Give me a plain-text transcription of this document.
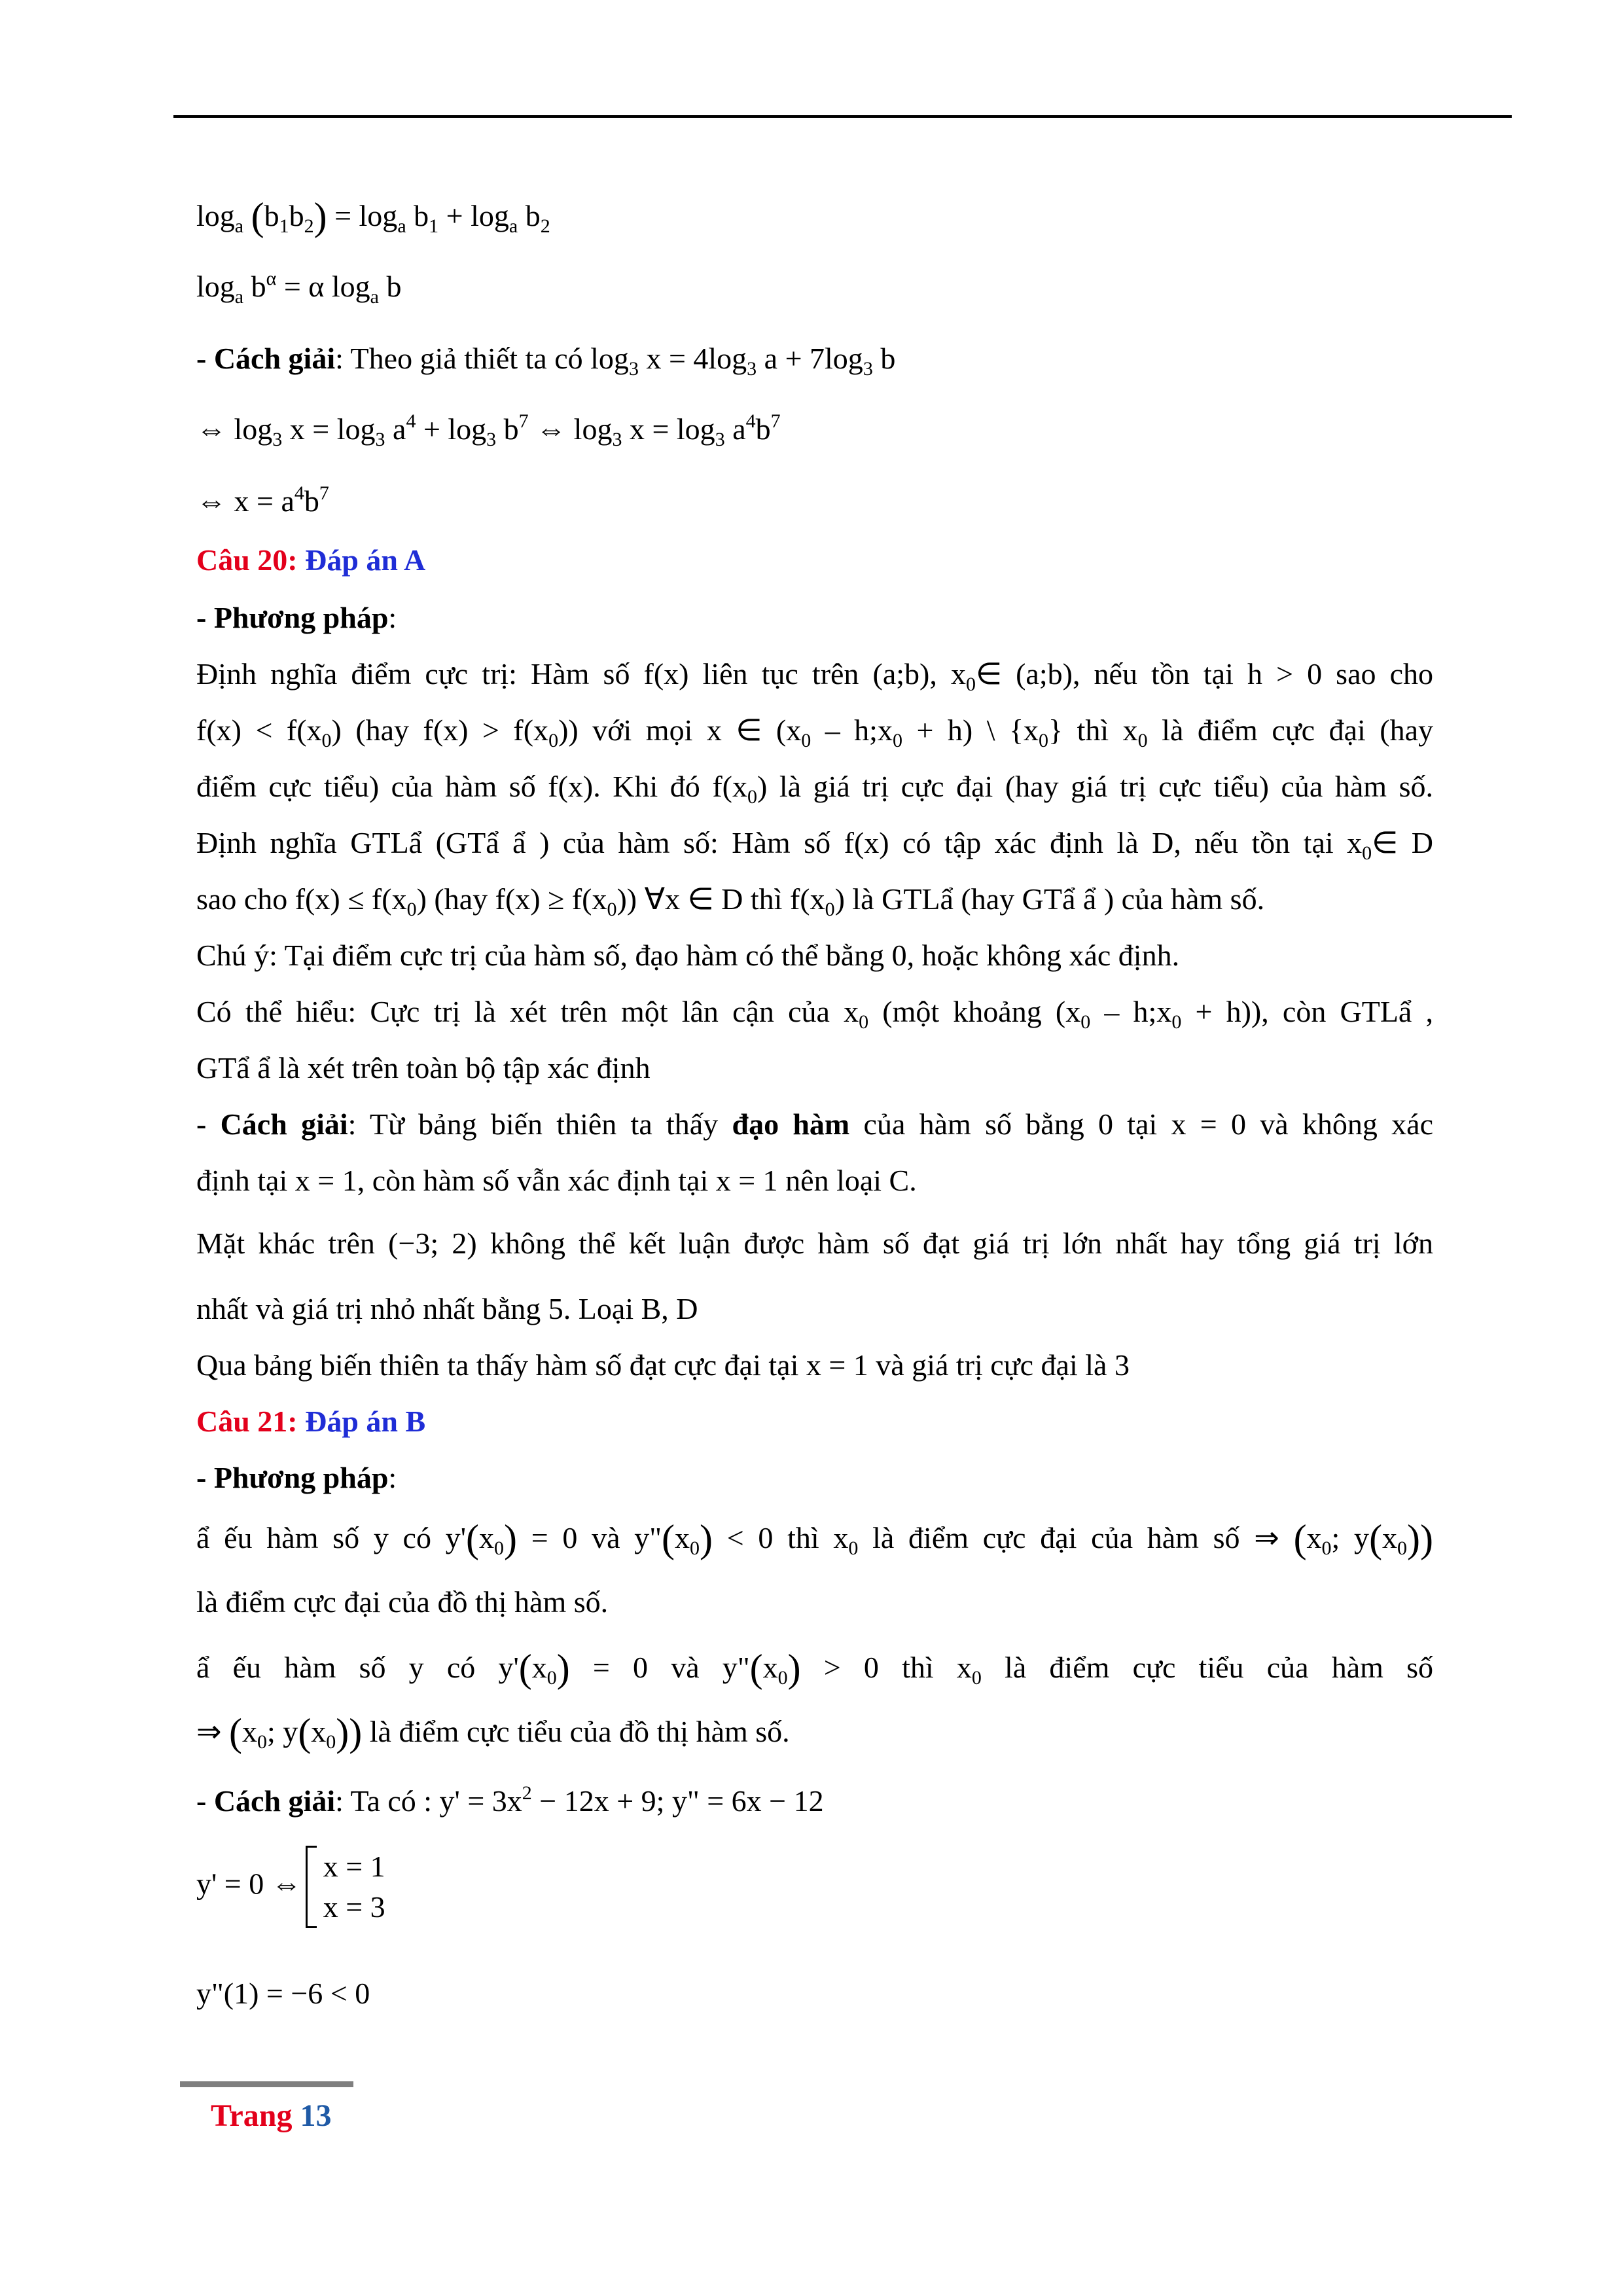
$\log_a (b_1b_2) = \log_a b_1 + \log_a b_2$
$\log_a b^\alpha = \alpha$ $\log_a b$
- Cách giải: Theo giả thiết ta có $\log_3 x = 4\log_3$ $a + 7\log_3$ b
⇔ $\log_3 x = \log_3 a^4 + \log_3 b^7$ ⇔ $\log_3 x = \log_3 a^4b^7$
⇔ $x = a^4b^7$
Câu 20: Đáp án A
- Phương pháp:
Định nghĩa điểm cực trị: Hàm số f(x) liên tục trên (a;b), $x_0\in$ (a;b), nếu tồn tại h > 0 sao cho
$f(x) < f(x_0)$ (hay $f(x) > f(x_0)$) với mọi x ∈ ($x_0$ – $h;x_0 + h$) \ $\{x_0\}$ thì $x_0$ là điểm cực đại (hay
điểm cực tiểu) của hàm số f(x). Khi đó $f(x_0)$ là giá trị cực đại (hay giá trị cực tiểu) của hàm số.
Định nghĩa GTLẩ (GTẩ ẩ ) của hàm số: Hàm số f(x) có tập xác định là D, nếu tồn tại $x_0\in$ D
sao cho $f(x) \le f(x_0)$ (hay $f(x) \ge f(x_0)$) ∀x ∈ D thì $f(x_0)$ là GTLẩ (hay GTẩ ẩ ) của hàm số.
Chú ý: Tại điểm cực trị của hàm số, đạo hàm có thể bằng 0, hoặc không xác định.
Có thể hiểu: Cực trị là xét trên một lân cận của $x_0$ (một khoảng ($x_0$ – $h;x_0 + h$)), còn GTLẩ ,
GTẩ ẩ là xét trên toàn bộ tập xác định
- Cách giải: Từ bảng biến thiên ta thấy đạo hàm của hàm số bằng 0 tại x = 0 và không xác
định tại x = 1, còn hàm số vẫn xác định tại x = 1 nên loại C.
Mặt khác trên (−3; 2) không thể kết luận được hàm số đạt giá trị lớn nhất hay tổng giá trị lớn
nhất và giá trị nhỏ nhất bằng 5. Loại B, D
Qua bảng biến thiên ta thấy hàm số đạt cực đại tại x = 1 và giá trị cực đại là 3
Câu 21: Đáp án B
- Phương pháp:
ẩ ếu hàm số y có $y'(x_0) = 0$ và $y"(x_0) < 0$ thì $x_0$ là điểm cực đại của hàm số ⇒ ($x_0$; $y(x_0)$)
là điểm cực đại của đồ thị hàm số.
ẩ ếu hàm số y có $y'(x_0) = 0$ và $y"(x_0) > 0$ thì $x_0$ là điểm cực tiểu của hàm số
⇒ ($x_0$; $y(x_0)$) là điểm cực tiểu của đồ thị hàm số.
- Cách giải: Ta có : $y' = 3x^2 - 12x + 9$; y" = 6x − 12
y' = 0 ⇔x = 1
x = 3
y"(1) = −6 < 0
Trang 13
